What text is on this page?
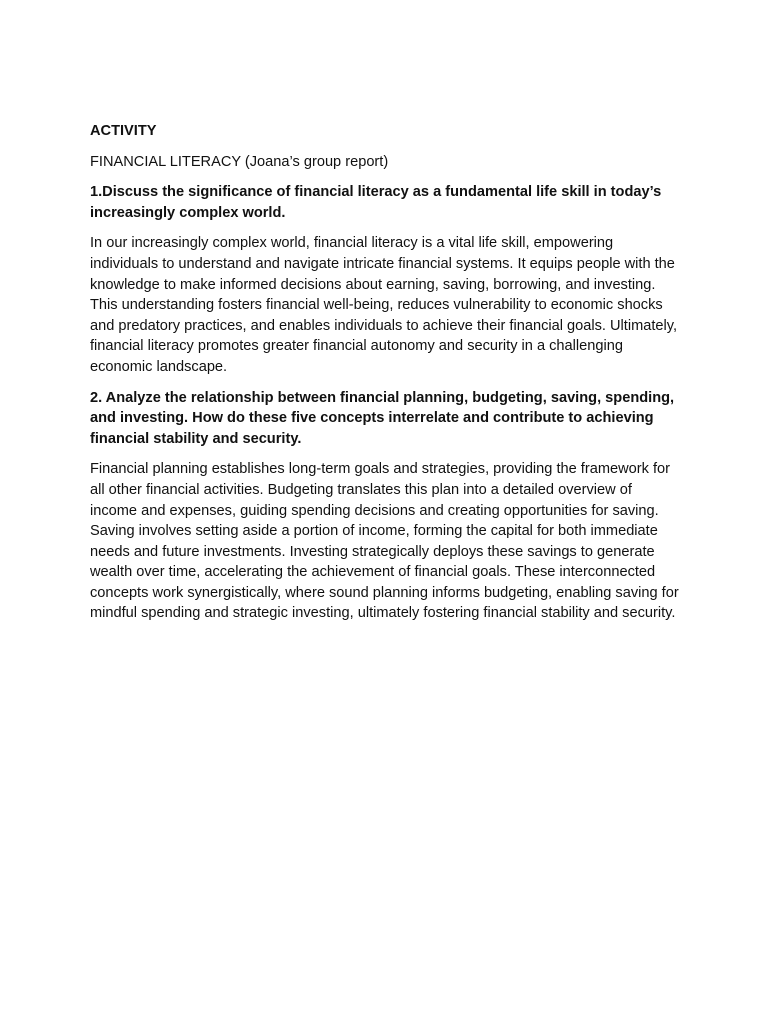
ACTIVITY

FINANCIAL LITERACY (Joana’s group report)

1.Discuss the significance of financial literacy as a fundamental life skill in today’s increasingly complex world.

In our increasingly complex world, financial literacy is a vital life skill, empowering individuals to understand and navigate intricate financial systems. It equips people with the knowledge to make informed decisions about earning, saving, borrowing, and investing. This understanding fosters financial well-being, reduces vulnerability to economic shocks and predatory practices, and enables individuals to achieve their financial goals. Ultimately, financial literacy promotes greater financial autonomy and security in a challenging economic landscape.

2. Analyze the relationship between financial planning, budgeting, saving, spending, and investing. How do these five concepts interrelate and contribute to achieving financial stability and security.

Financial planning establishes long-term goals and strategies, providing the framework for all other financial activities. Budgeting translates this plan into a detailed overview of income and expenses, guiding spending decisions and creating opportunities for saving. Saving involves setting aside a portion of income, forming the capital for both immediate needs and future investments. Investing strategically deploys these savings to generate wealth over time, accelerating the achievement of financial goals. These interconnected concepts work synergistically, where sound planning informs budgeting, enabling saving for mindful spending and strategic investing, ultimately fostering financial stability and security.
